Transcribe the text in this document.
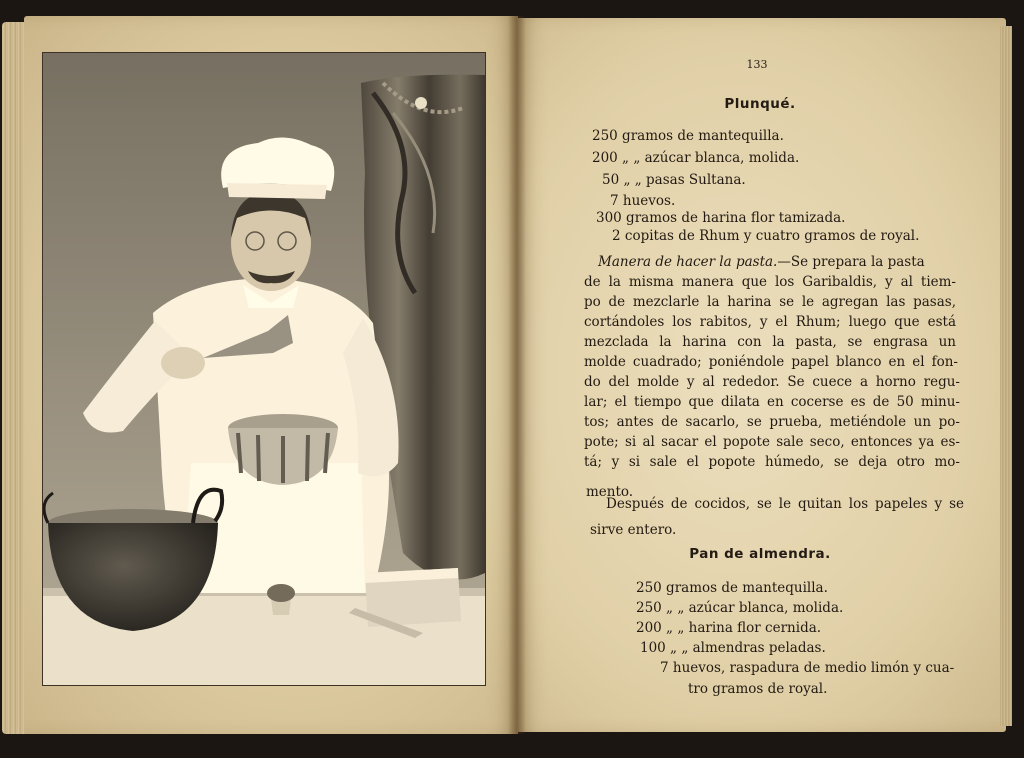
133
Plunqué.
250 gramos de mantequilla.
200 „ „ azúcar blanca, molida.
50 „ „ pasas Sultana.
7 huevos.
300 gramos de harina flor tamizada.
2 copitas de Rhum y cuatro gramos de royal.
Manera de hacer la pasta.—Se prepara la pasta
de la misma manera que los Garibaldis, y al tiem-
po de mezclarle la harina se le agregan las pasas,
cortándoles los rabitos, y el Rhum; luego que está
mezclada la harina con la pasta, se engrasa un
molde cuadrado; poniéndole papel blanco en el fon-
do del molde y al rededor. Se cuece a horno regu-
lar; el tiempo que dilata en cocerse es de 50 minu-
tos; antes de sacarlo, se prueba, metiéndole un po-
pote; si al sacar el popote sale seco, entonces ya es-
tá; y si sale el popote húmedo, se deja otro mo-
mento.
Después de cocidos, se le quitan los papeles y se
sirve entero.
Pan de almendra.
250 gramos de mantequilla.
250 „ „ azúcar blanca, molida.
200 „ „ harina flor cernida.
100 „ „ almendras peladas.
7 huevos, raspadura de medio limón y cua-
tro gramos de royal.
